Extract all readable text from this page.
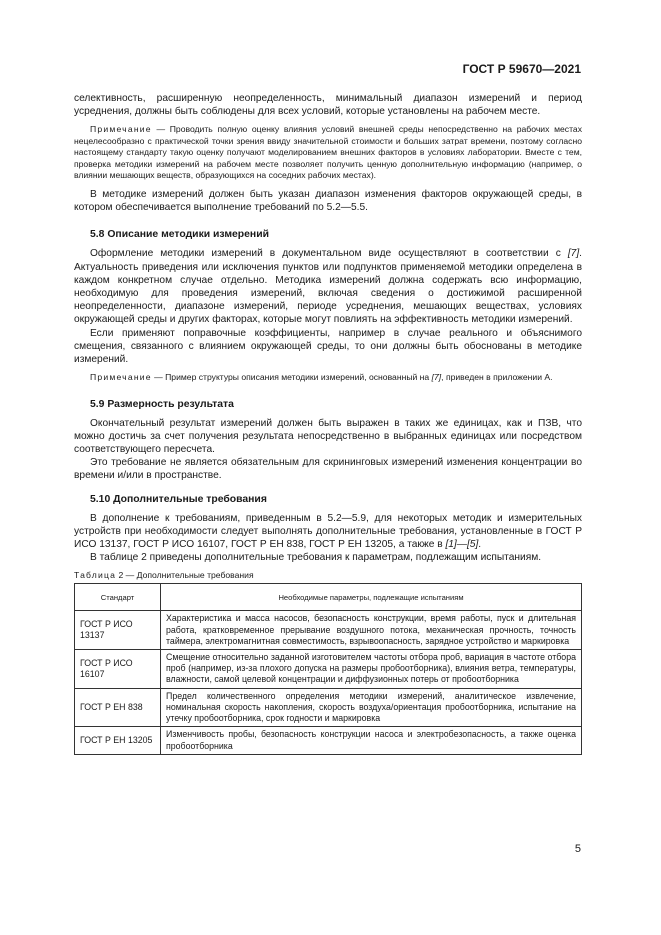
ГОСТ Р 59670—2021

селективность, расширенную неопределенность, минимальный диапазон измерений и период усреднения, должны быть соблюдены для всех условий, которые установлены на рабочем месте.

Примечание — Проводить полную оценку влияния условий внешней среды непосредственно на рабочих местах нецелесообразно с практической точки зрения ввиду значительной стоимости и больших затрат времени, поэтому согласно настоящему стандарту такую оценку получают моделированием внешних факторов в условиях лаборатории. Вместе с тем, проверка методики измерений на рабочем месте позволяет получить ценную дополнительную информацию (например, о влиянии мешающих веществ, образующихся на соседних рабочих местах).

В методике измерений должен быть указан диапазон изменения факторов окружающей среды, в котором обеспечивается выполнение требований по 5.2—5.5.

5.8 Описание методики измерений

Оформление методики измерений в документальном виде осуществляют в соответствии с [7]. Актуальность приведения или исключения пунктов или подпунктов применяемой методики определена в каждом конкретном случае отдельно. Методика измерений должна содержать всю информацию, необходимую для проведения измерений, включая сведения о достижимой расширенной неопределенности, диапазоне измерений, периоде усреднения, мешающих веществах, условиях окружающей среды и других факторах, которые могут повлиять на эффективность методики измерений.

Если применяют поправочные коэффициенты, например в случае реального и объяснимого смещения, связанного с влиянием окружающей среды, то они должны быть обоснованы в методике измерений.

Примечание — Пример структуры описания методики измерений, основанный на [7], приведен в приложении А.

5.9 Размерность результата

Окончательный результат измерений должен быть выражен в таких же единицах, как и ПЗВ, что можно достичь за счет получения результата непосредственно в выбранных единицах или посредством соответствующего пересчета.

Это требование не является обязательным для скрининговых измерений изменения концентрации во времени и/или в пространстве.

5.10 Дополнительные требования

В дополнение к требованиям, приведенным в 5.2—5.9, для некоторых методик и измерительных устройств при необходимости следует выполнять дополнительные требования, установленные в ГОСТ Р ИСО 13137, ГОСТ Р ИСО 16107, ГОСТ Р ЕН 838, ГОСТ Р ЕН 13205, а также в [1]—[5].

В таблице 2 приведены дополнительные требования к параметрам, подлежащим испытаниям.

Таблица 2 — Дополнительные требования
Стандарт	Необходимые параметры, подлежащие испытаниям
ГОСТ Р ИСО 13137	Характеристика и масса насосов, безопасность конструкции, время работы, пуск и длительная работа, кратковременное прерывание воздушного потока, механическая прочность, точность таймера, электромагнитная совместимость, взрывоопасность, зарядное устройство и маркировка
ГОСТ Р ИСО 16107	Смещение относительно заданной изготовителем частоты отбора проб, вариация в частоте отбора проб (например, из-за плохого допуска на размеры пробоотборника), влияния ветра, температуры, влажности, самой целевой концентрации и диффузионных потерь от пробоотборника
ГОСТ Р ЕН 838	Предел количественного определения методики измерений, аналитическое извлечение, номинальная скорость накопления, скорость воздуха/ориентация пробоотборника, испытание на утечку пробоотборника, срок годности и маркировка
ГОСТ Р ЕН 13205	Изменчивость пробы, безопасность конструкции насоса и электробезопасность, а также оценка пробоотборника
5
